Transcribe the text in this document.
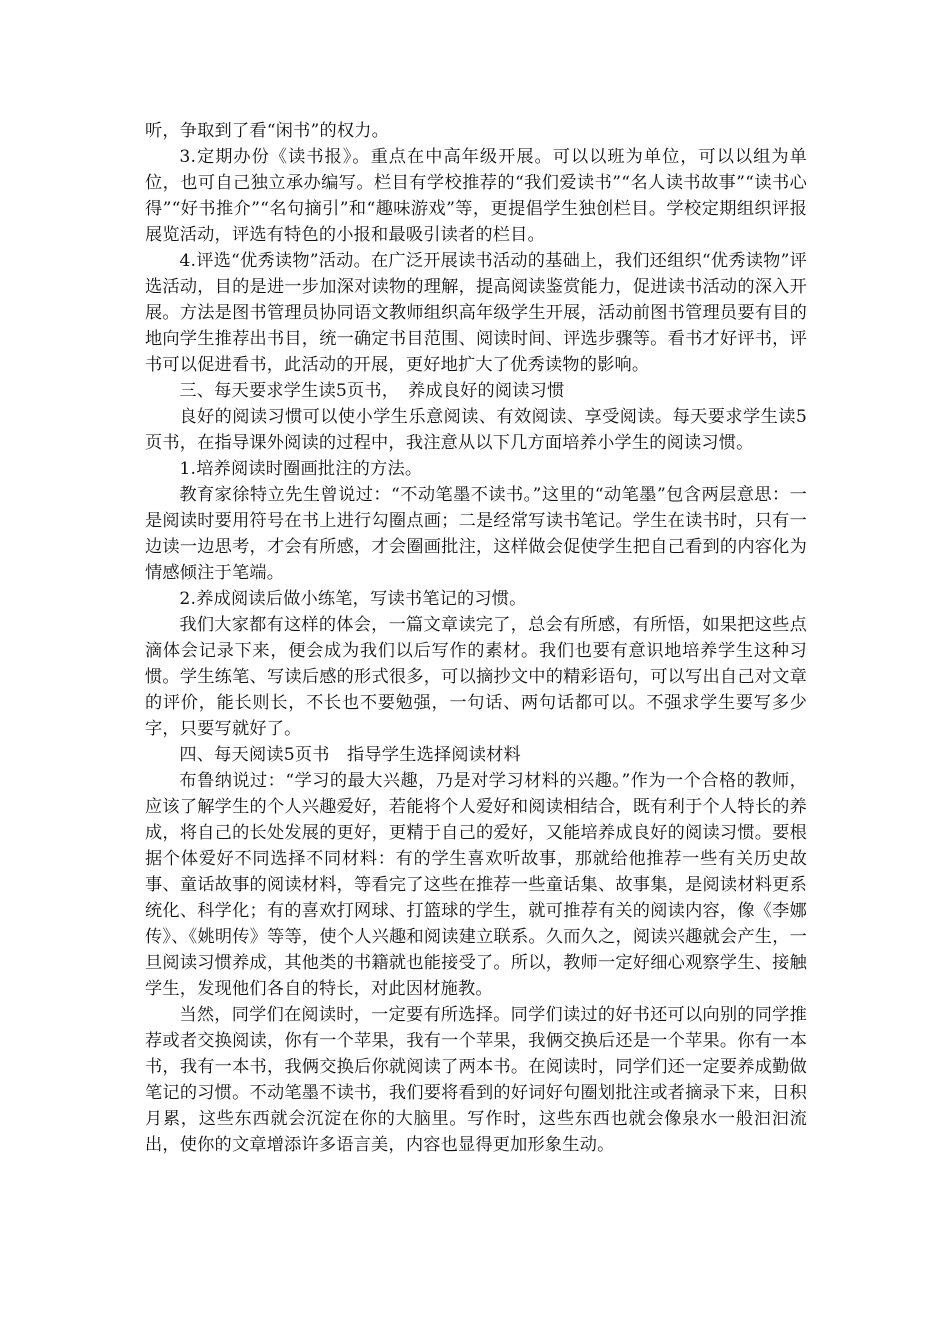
听，争取到了看“闲书”的权力。

3.定期办份《读书报》。重点在中高年级开展。可以以班为单位，可以以组为单位，也可自己独立承办编写。栏目有学校推荐的“我们爱读书”“名人读书故事”“读书心得”“好书推介”“名句摘引”和“趣味游戏”等，更提倡学生独创栏目。学校定期组织评报展览活动，评选有特色的小报和最吸引读者的栏目。

4.评选“优秀读物”活动。在广泛开展读书活动的基础上，我们还组织“优秀读物”评选活动，目的是进一步加深对读物的理解，提高阅读鉴赏能力，促进读书活动的深入开展。方法是图书管理员协同语文教师组织高年级学生开展，活动前图书管理员要有目的地向学生推荐出书目，统一确定书目范围、阅读时间、评选步骤等。看书才好评书，评书可以促进看书，此活动的开展，更好地扩大了优秀读物的影响。

三、每天要求学生读5页书，　养成良好的阅读习惯

良好的阅读习惯可以使小学生乐意阅读、有效阅读、享受阅读。每天要求学生读5页书，在指导课外阅读的过程中，我注意从以下几方面培养小学生的阅读习惯。

1.培养阅读时圈画批注的方法。

教育家徐特立先生曾说过：“不动笔墨不读书。”这里的“动笔墨”包含两层意思：一是阅读时要用符号在书上进行勾圈点画；二是经常写读书笔记。学生在读书时，只有一边读一边思考，才会有所感，才会圈画批注，这样做会促使学生把自己看到的内容化为情感倾注于笔端。

2.养成阅读后做小练笔，写读书笔记的习惯。

我们大家都有这样的体会，一篇文章读完了，总会有所感，有所悟，如果把这些点滴体会记录下来，便会成为我们以后写作的素材。我们也要有意识地培养学生这种习惯。学生练笔、写读后感的形式很多，可以摘抄文中的精彩语句，可以写出自己对文章的评价，能长则长，不长也不要勉强，一句话、两句话都可以。不强求学生要写多少字，只要写就好了。

四、每天阅读5页书　指导学生选择阅读材料

布鲁纳说过：“学习的最大兴趣，乃是对学习材料的兴趣。”作为一个合格的教师，应该了解学生的个人兴趣爱好，若能将个人爱好和阅读相结合，既有利于个人特长的养成，将自己的长处发展的更好，更精于自己的爱好，又能培养成良好的阅读习惯。要根据个体爱好不同选择不同材料：有的学生喜欢听故事，那就给他推荐一些有关历史故事、童话故事的阅读材料，等看完了这些在推荐一些童话集、故事集，是阅读材料更系统化、科学化；有的喜欢打网球、打篮球的学生，就可推荐有关的阅读内容，像《李娜传》、《姚明传》等等，使个人兴趣和阅读建立联系。久而久之，阅读兴趣就会产生，一旦阅读习惯养成，其他类的书籍就也能接受了。所以，教师一定好细心观察学生、接触学生，发现他们各自的特长，对此因材施教。

当然，同学们在阅读时，一定要有所选择。同学们读过的好书还可以向别的同学推荐或者交换阅读，你有一个苹果，我有一个苹果，我俩交换后还是一个苹果。你有一本书，我有一本书，我俩交换后你就阅读了两本书。在阅读时，同学们还一定要养成勤做笔记的习惯。不动笔墨不读书，我们要将看到的好词好句圈划批注或者摘录下来，日积月累，这些东西就会沉淀在你的大脑里。写作时，这些东西也就会像泉水一般汩汩流出，使你的文章增添许多语言美，内容也显得更加形象生动。
